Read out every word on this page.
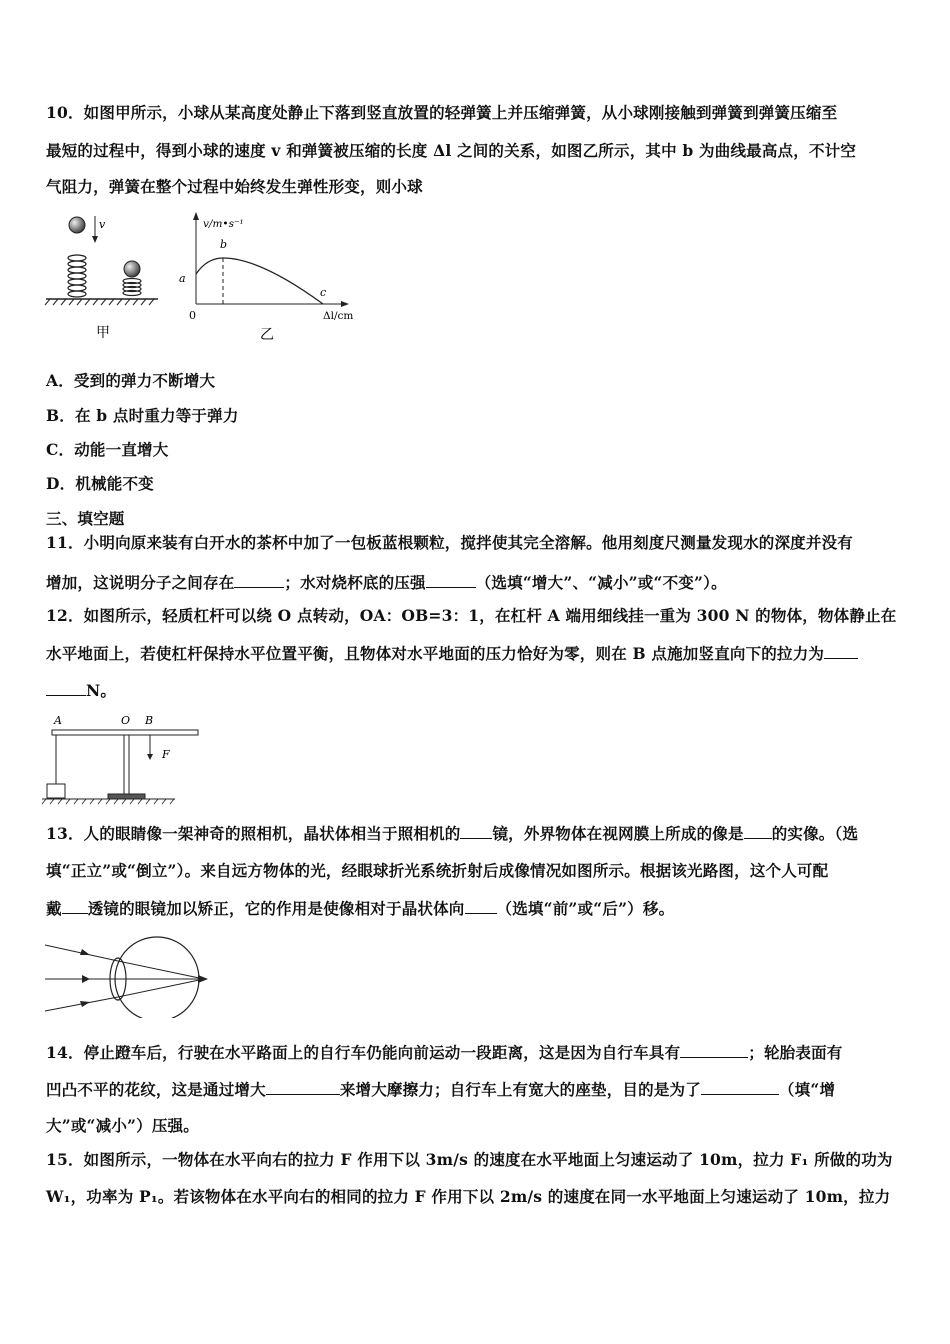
10．如图甲所示，小球从某高度处静止下落到竖直放置的轻弹簧上并压缩弹簧，从小球刚接触到弹簧到弹簧压缩至
最短的过程中，得到小球的速度 v 和弹簧被压缩的长度 Δl 之间的关系，如图乙所示，其中 b 为曲线最高点，不计空
气阻力，弹簧在整个过程中始终发生弹性形变，则小球
v
甲
v/m•s⁻¹
b
a
c
0	Δl/cm
乙
A．受到的弹力不断增大
B．在 b 点时重力等于弹力
C．动能一直增大
D．机械能不变
三、填空题
11．小明向原来装有白开水的茶杯中加了一包板蓝根颗粒，搅拌使其完全溶解。他用刻度尺测量发现水的深度并没有
增加，这说明分子之间存在	；水对烧杯底的压强	（选填“增大”、“减小”或“不变”）。
12．如图所示，轻质杠杆可以绕 O 点转动，OA：OB=3：1，在杠杆 A 端用细线挂一重为 300 N 的物体，物体静止在
水平地面上，若使杠杆保持水平位置平衡，且物体对水平地面的压力恰好为零，则在 B 点施加竖直向下的拉力为
N。
A	O B
F
13．人的眼睛像一架神奇的照相机，晶状体相当于照相机的 镜，外界物体在视网膜上所成的像是 的实像。（选
填“正立”或“倒立”）。来自远方物体的光，经眼球折光系统折射后成像情况如图所示。根据该光路图，这个人可配
戴 透镜的眼镜加以矫正，它的作用是使像相对于晶状体向 （选填“前”或“后”）移。
14．停止蹬车后，行驶在水平路面上的自行车仍能向前运动一段距离，这是因为自行车具有	；轮胎表面有
凹凸不平的花纹，这是通过增大	来增大摩擦力；自行车上有宽大的座垫，目的是为了	（填“增
大”或“减小”）压强。
15．如图所示，一物体在水平向右的拉力 F 作用下以 3m/s 的速度在水平地面上匀速运动了 10m，拉力 F₁ 所做的功为
W₁，功率为 P₁。若该物体在水平向右的相同的拉力 F 作用下以 2m/s 的速度在同一水平地面上匀速运动了 10m，拉力
